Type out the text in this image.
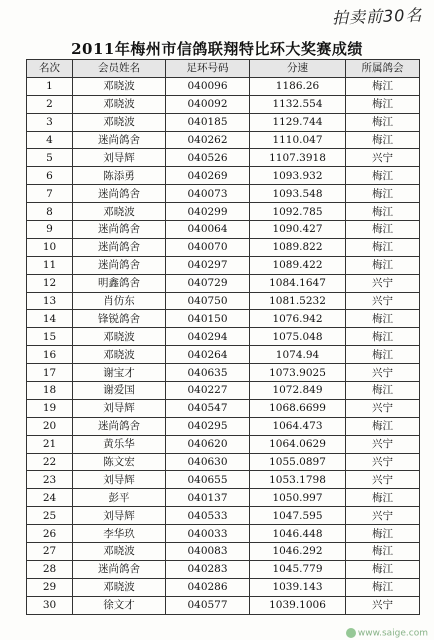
拍卖前30名
2011年梅州市信鸽联翔特比环大奖赛成绩
名次	会员姓名	足环号码	分速	所属鸽会
1	邓晓波	040096	1186.26	梅江
2	邓晓波	040092	1132.554	梅江
3	邓晓波	040185	1129.744	梅江
4	迷尚鸽舍	040262	1110.047	梅江
5	刘导辉	040526	1107.3918	兴宁
6	陈添勇	040269	1093.932	梅江
7	迷尚鸽舍	040073	1093.548	梅江
8	邓晓波	040299	1092.785	梅江
9	迷尚鸽舍	040064	1090.427	梅江
10	迷尚鸽舍	040070	1089.822	梅江
11	迷尚鸽舍	040297	1089.422	梅江
12	明鑫鸽舍	040729	1084.1647	兴宁
13	肖仿东	040750	1081.5232	兴宁
14	锋锐鸽舍	040150	1076.942	梅江
15	邓晓波	040294	1075.048	梅江
16	邓晓波	040264	1074.94	梅江
17	谢宝才	040635	1073.9025	兴宁
18	谢爱国	040227	1072.849	梅江
19	刘导辉	040547	1068.6699	兴宁
20	迷尚鸽舍	040295	1064.473	梅江
21	黄乐华	040620	1064.0629	兴宁
22	陈文宏	040630	1055.0897	兴宁
23	刘导辉	040655	1053.1798	兴宁
24	彭平	040137	1050.997	梅江
25	刘导辉	040533	1047.595	兴宁
26	李华玖	040033	1046.448	梅江
27	邓晓波	040083	1046.292	梅江
28	迷尚鸽舍	040283	1045.779	梅江
29	邓晓波	040286	1039.143	梅江
30	徐文才	040577	1039.1006	兴宁
www.saige.com
